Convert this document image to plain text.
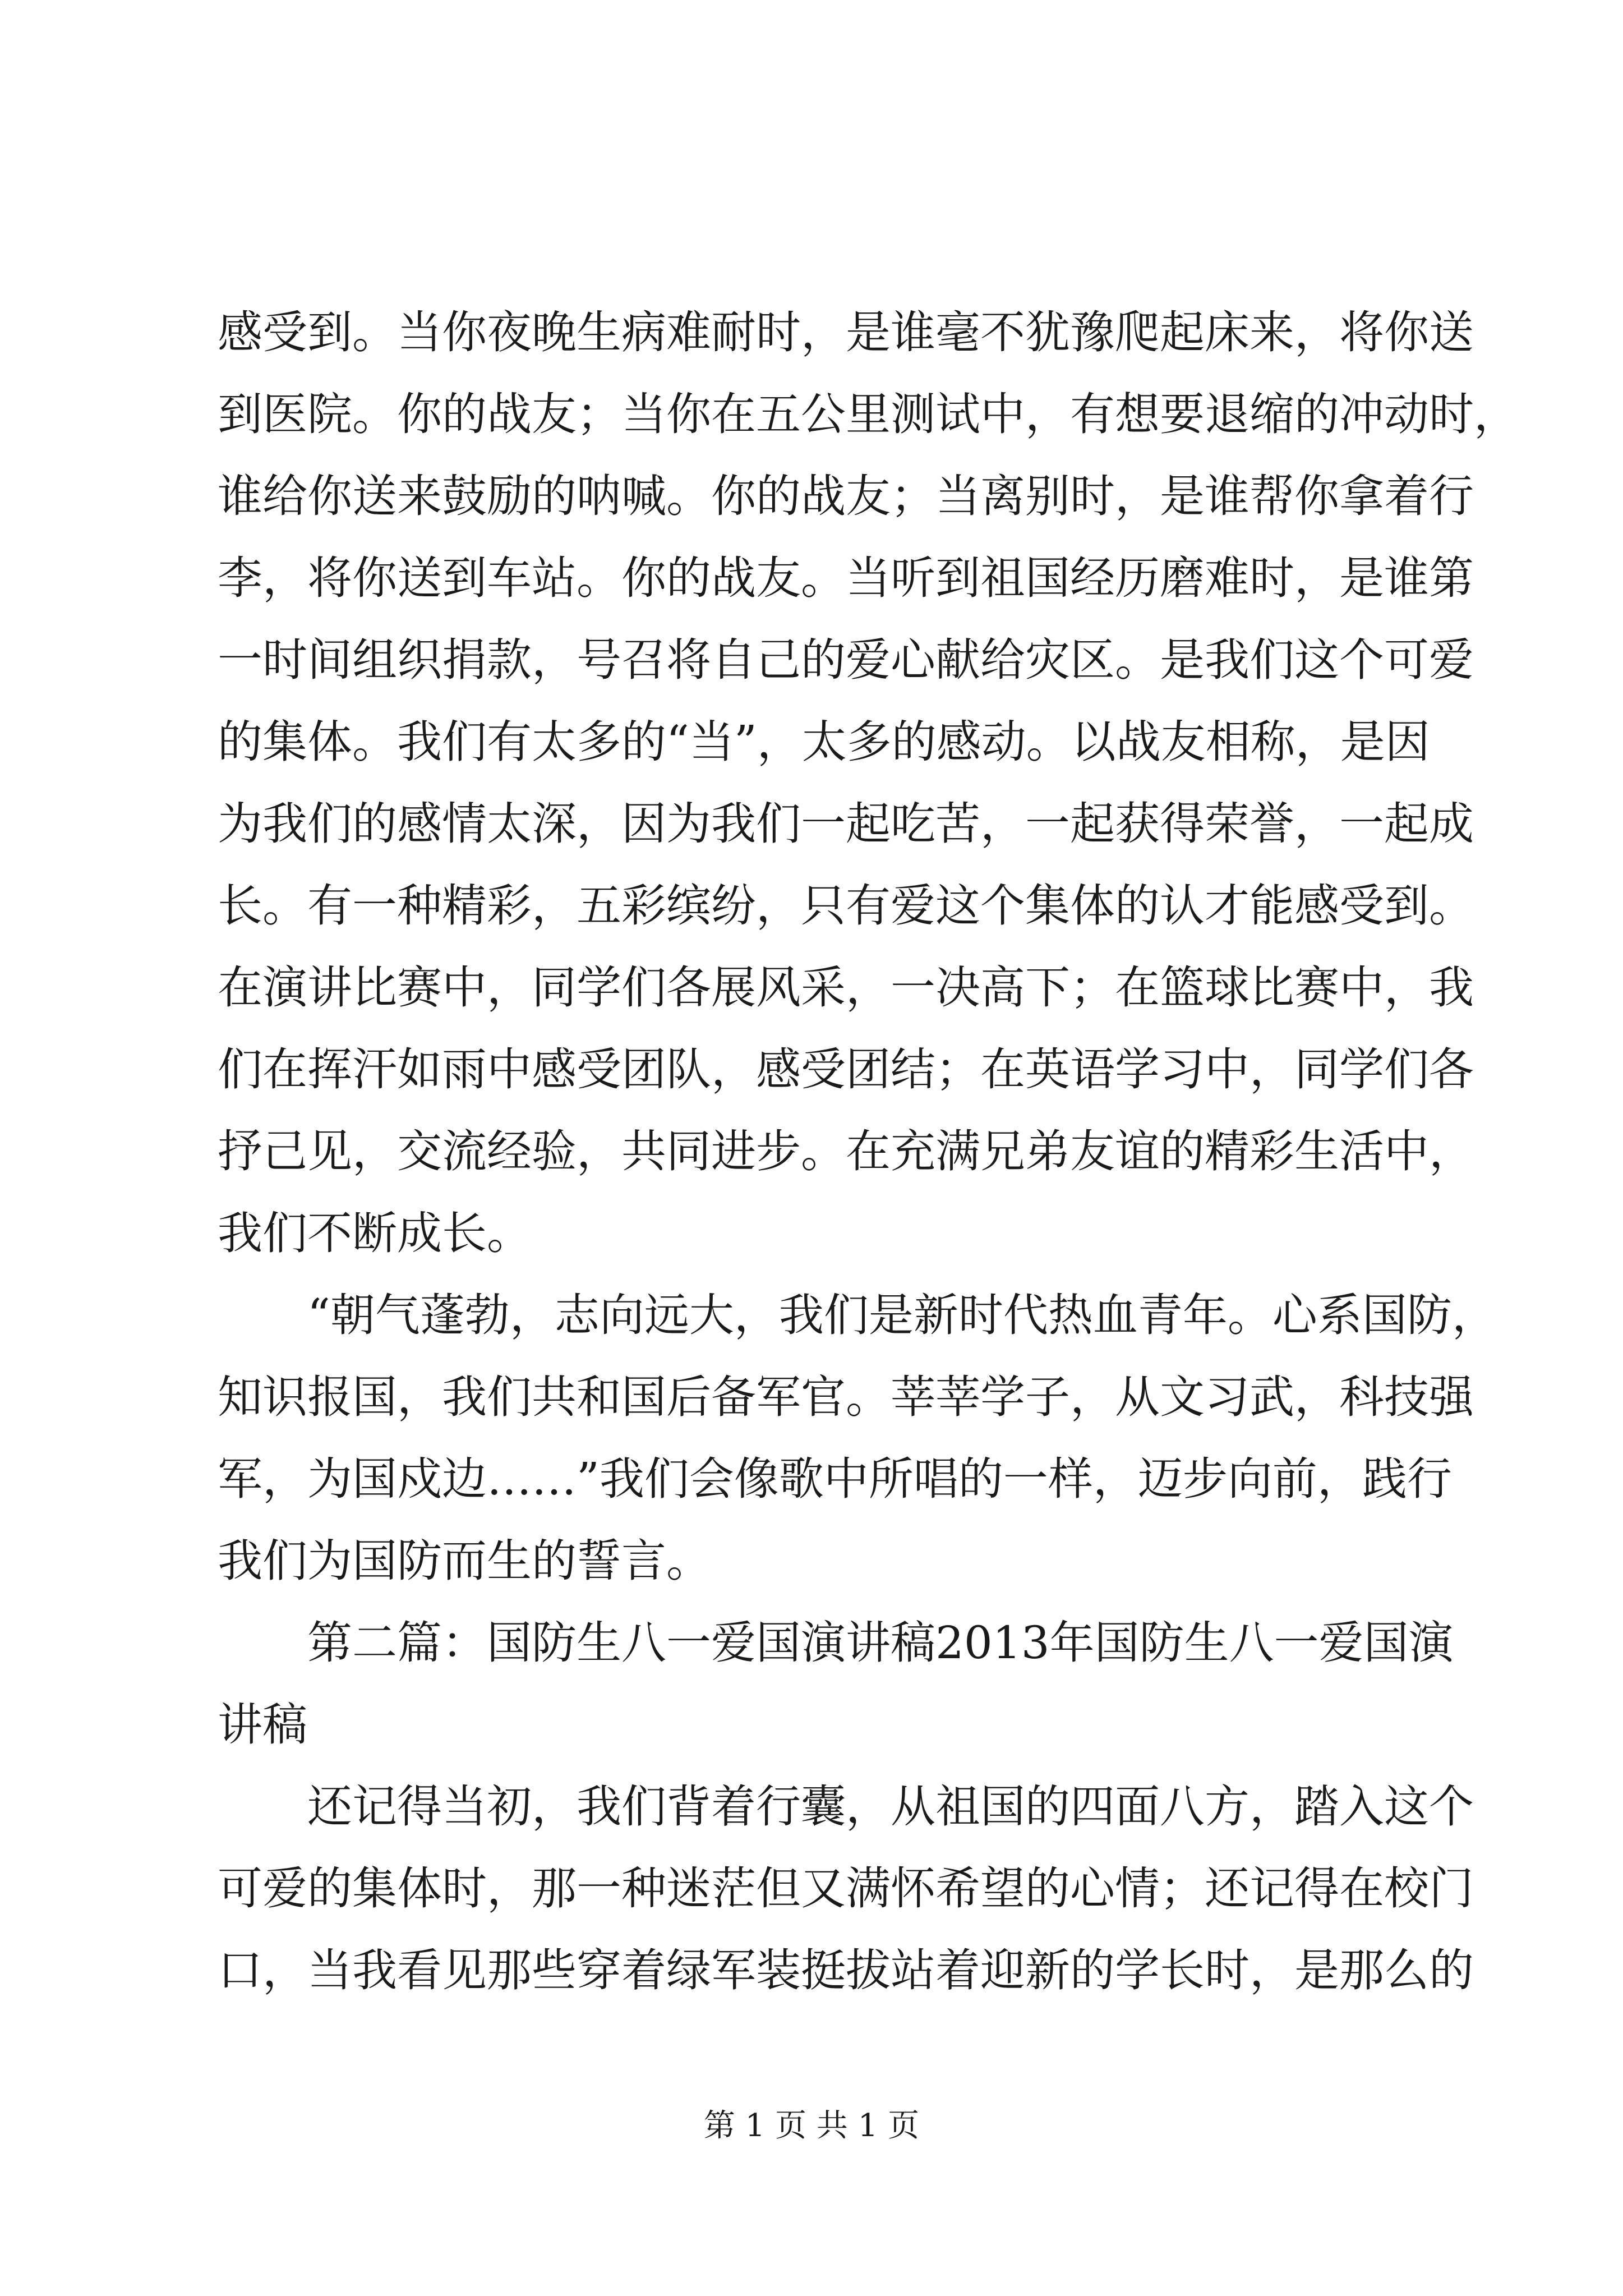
感受到。当你夜晚生病难耐时，是谁毫不犹豫爬起床来，将你送
到医院。你的战友；当你在五公里测试中，有想要退缩的冲动时，
谁给你送来鼓励的呐喊。你的战友；当离别时，是谁帮你拿着行
李，将你送到车站。你的战友。当听到祖国经历磨难时，是谁第
一时间组织捐款，号召将自己的爱心献给灾区。是我们这个可爱
的集体。我们有太多的“当”，太多的感动。以战友相称，是因
为我们的感情太深，因为我们一起吃苦，一起获得荣誉，一起成
长。有一种精彩，五彩缤纷，只有爱这个集体的认才能感受到。
在演讲比赛中，同学们各展风采，一决高下；在篮球比赛中，我
们在挥汗如雨中感受团队，感受团结；在英语学习中，同学们各
抒己见，交流经验，共同进步。在充满兄弟友谊的精彩生活中，
我们不断成长。
“朝气蓬勃，志向远大，我们是新时代热血青年。心系国防，
知识报国，我们共和国后备军官。莘莘学子，从文习武，科技强
军，为国戍边……”我们会像歌中所唱的一样，迈步向前，践行
我们为国防而生的誓言。
第二篇：国防生八一爱国演讲稿2013年国防生八一爱国演
讲稿
还记得当初，我们背着行囊，从祖国的四面八方，踏入这个
可爱的集体时，那一种迷茫但又满怀希望的心情；还记得在校门
口，当我看见那些穿着绿军装挺拔站着迎新的学长时，是那么的
第 1 页 共 1 页
